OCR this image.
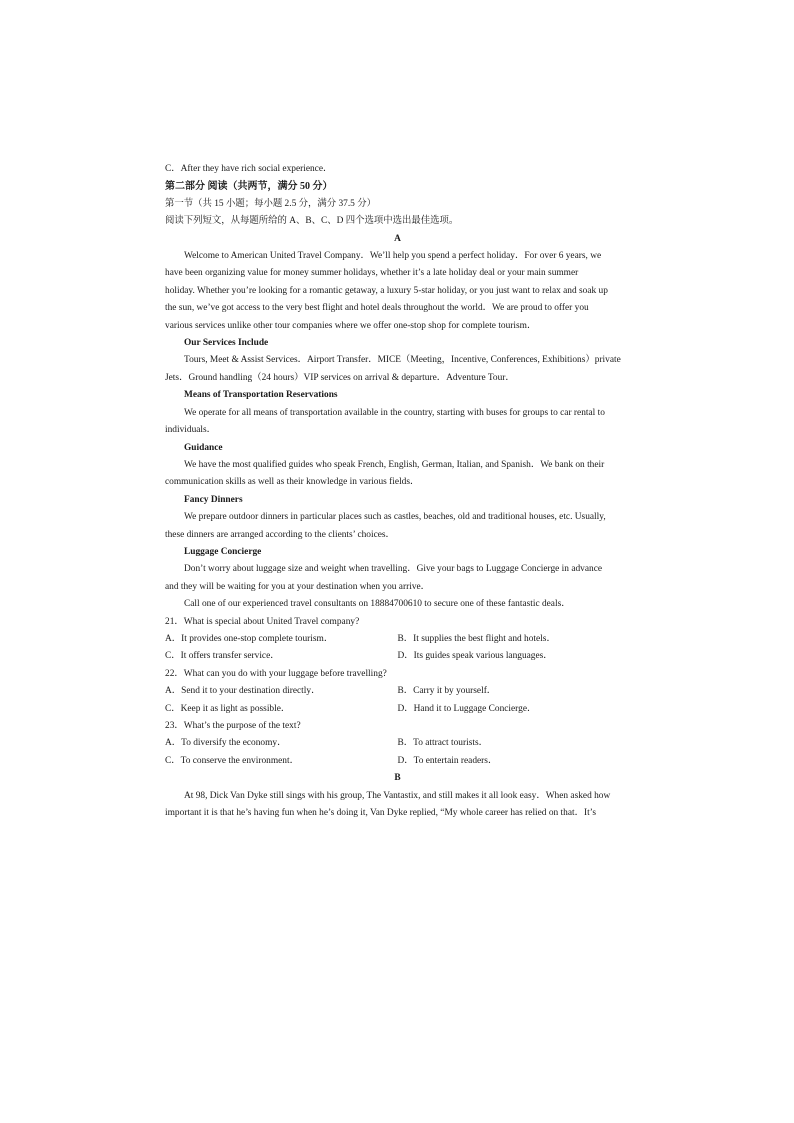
C．After they have rich social experience．

第二部分 阅读（共两节，满分 50 分）

第一节（共 15 小题；每小题 2.5 分，满分 37.5 分）

阅读下列短文，从每题所给的 A、B、C、D 四个选项中选出最佳选项。

A

Welcome to American United Travel Company．We’ll help you spend a perfect holiday．For over 6 years, we

have been organizing value for money summer holidays, whether it’s a late holiday deal or your main summer

holiday. Whether you’re looking for a romantic getaway, a luxury 5-star holiday, or you just want to relax and soak up

the sun, we’ve got access to the very best flight and hotel deals throughout the world．We are proud to offer you

various services unlike other tour companies where we offer one-stop shop for complete tourism．

Our Services Include

Tours, Meet & Assist Services．Airport Transfer．MICE（Meeting，Incentive, Conferences, Exhibitions）private

Jets．Ground handling（24 hours）VIP services on arrival & departure．Adventure Tour．

Means of Transportation Reservations

We operate for all means of transportation available in the country, starting with buses for groups to car rental to

individuals．

Guidance

We have the most qualified guides who speak French, English, German, Italian, and Spanish．We bank on their

communication skills as well as their knowledge in various fields．

Fancy Dinners

We prepare outdoor dinners in particular places such as castles, beaches, old and traditional houses, etc. Usually,

these dinners are arranged according to the clients’ choices．

Luggage Concierge

Don’t worry about luggage size and weight when travelling．Give your bags to Luggage Concierge in advance

and they will be waiting for you at your destination when you arrive．

Call one of our experienced travel consultants on 18884700610 to secure one of these fantastic deals．

21．What is special about United Travel company?

A．It provides one-stop complete tourism．	B．It supplies the best flight and hotels．
C．It offers transfer service．	D．Its guides speak various languages．

22．What can you do with your luggage before travelling?

A．Send it to your destination directly．	B．Carry it by yourself．
C．Keep it as light as possible．	D．Hand it to Luggage Concierge．

23．What’s the purpose of the text?

A．To diversify the economy．	B．To attract tourists．
C．To conserve the environment．	D．To entertain readers．

B

At 98, Dick Van Dyke still sings with his group, The Vantastix, and still makes it all look easy．When asked how

important it is that he’s having fun when he’s doing it, Van Dyke replied, “My whole career has relied on that．It’s
